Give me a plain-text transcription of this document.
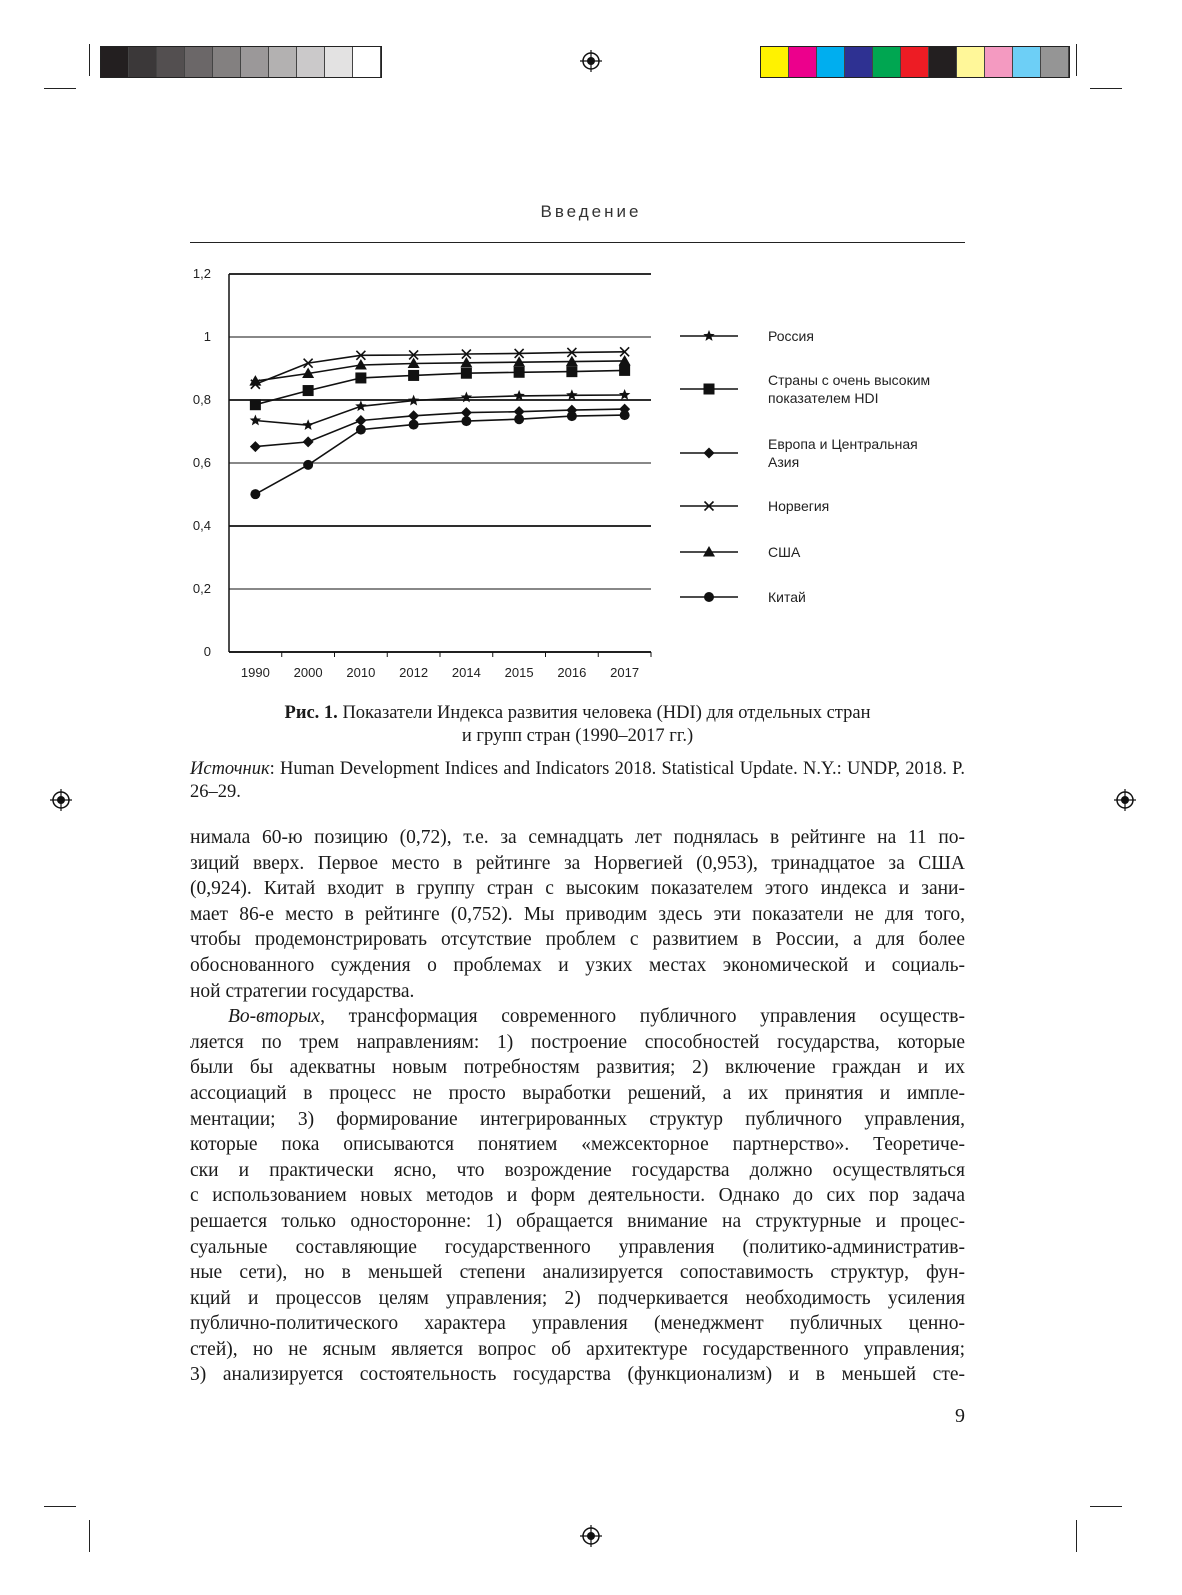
Введение
0
0,2
0,4
0,6
0,8
1
1,2
1990 2000 2010 2012 2014 2015 2016 2017
Россия
Страны с очень высоким
показателем HDI
Европа и Центральная
Азия
Норвегия
США
Китай
Рис. 1. Показатели Индекса развития человека (HDI) для отдельных стран
и групп стран (1990–2017 гг.)
Источник: Human Development Indices and Indicators 2018. Statistical Update. N.Y.: UNDP, 2018. P. 26–29.

нимала 60-ю позицию (0,72), т.е. за семнадцать лет поднялась в рейтинге на 11 по-

зиций вверх. Первое место в рейтинге за Норвегией (0,953), тринадцатое за США

(0,924). Китай входит в группу стран с высоким показателем этого индекса и зани-

мает 86-е место в рейтинге (0,752). Мы приводим здесь эти показатели не для того,

чтобы продемонстрировать отсутствие проблем с развитием в России, а для более

обоснованного суждения о проблемах и узких местах экономической и социаль-

ной стратегии государства.

Во-вторых, трансформация современного публичного управления осуществ-

ляется по трем направлениям: 1) построение способностей государства, которые

были бы адекватны новым потребностям развития; 2) включение граждан и их

ассоциаций в процесс не просто выработки решений, а их принятия и импле-

ментации; 3) формирование интегрированных структур публичного управления,

которые пока описываются понятием «межсекторное партнерство». Теоретиче-

ски и практически ясно, что возрождение государства должно осуществляться

с использованием новых методов и форм деятельности. Однако до сих пор задача

решается только односторонне: 1) обращается внимание на структурные и процес-

суальные составляющие государственного управления (политико-административ-

ные сети), но в меньшей степени анализируется сопоставимость структур, фун-

кций и процессов целям управления; 2) подчеркивается необходимость усиления

публично-политического характера управления (менеджмент публичных ценно-

стей), но не ясным является вопрос об архитектуре государственного управления;

3) анализируется состоятельность государства (функционализм) и в меньшей сте-

9
